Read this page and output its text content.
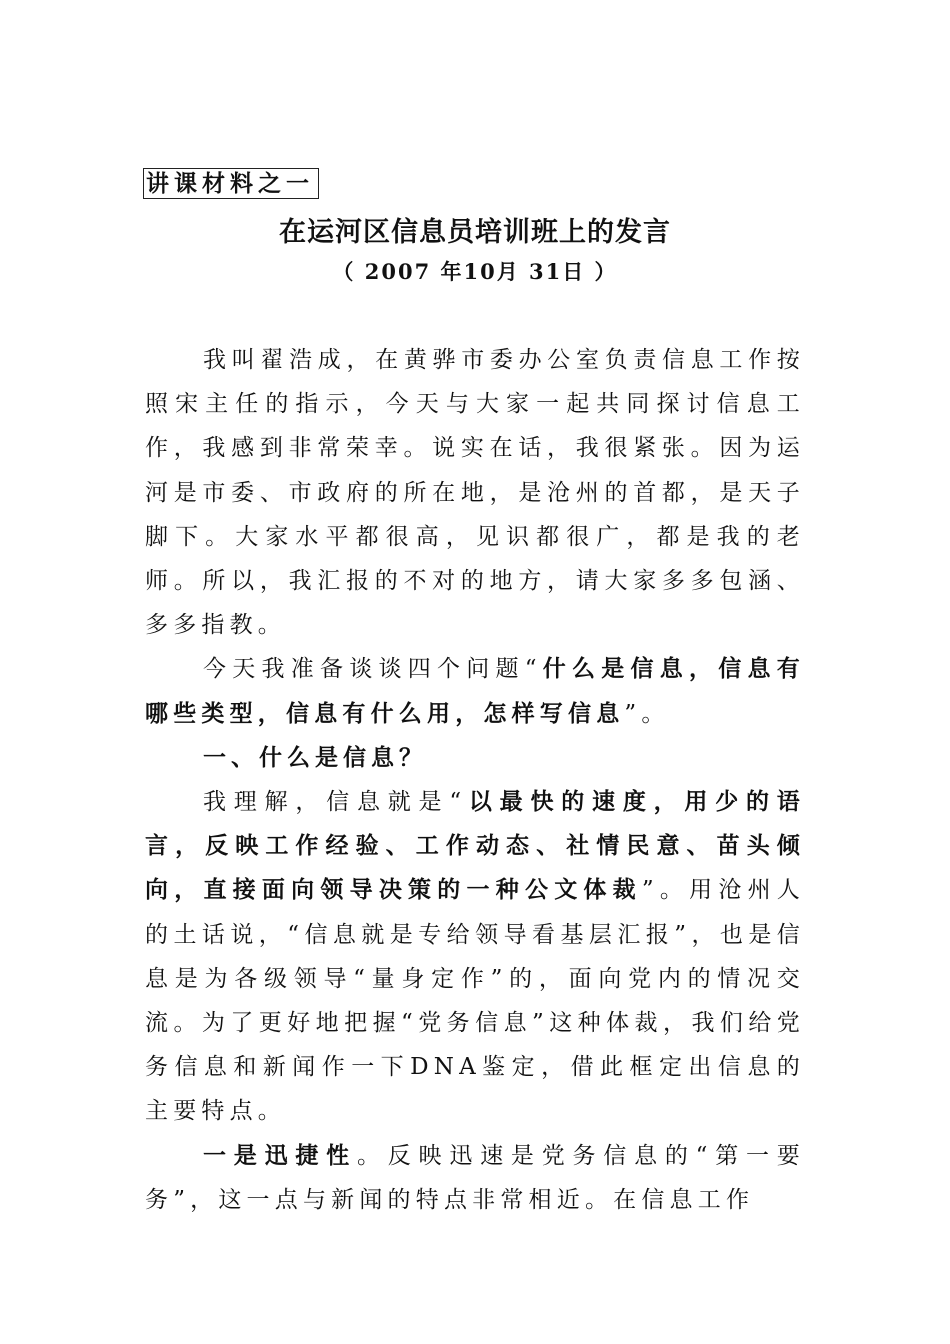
讲课材料之一
在运河区信息员培训班上的发言
（ 2007 年10月 31日 ）

我叫翟浩成，在黄骅市委办公室负责信息工作按照宋主任的指示，今天与大家一起共同探讨信息工作，我感到非常荣幸。说实在话，我很紧张。因为运河是市委、市政府的所在地，是沧州的首都，是天子脚下。大家水平都很高，见识都很广，都是我的老师。所以，我汇报的不对的地方，请大家多多包涵、多多指教。

今天我准备谈谈四个问题“什么是信息，信息有哪些类型，信息有什么用，怎样写信息”。

一、什么是信息？

我理解，信息就是“以最快的速度，用少的语言，反映工作经验、工作动态、社情民意、苗头倾向，直接面向领导决策的一种公文体裁”。用沧州人的土话说，“信息就是专给领导看基层汇报”，也是信息是为各级领导“量身定作”的，面向党内的情况交流。为了更好地把握“党务信息”这种体裁，我们给党务信息和新闻作一下DNA鉴定，借此框定出信息的主要特点。

一是迅捷性。反映迅速是党务信息的“第一要务”，这一点与新闻的特点非常相近。在信息工作
